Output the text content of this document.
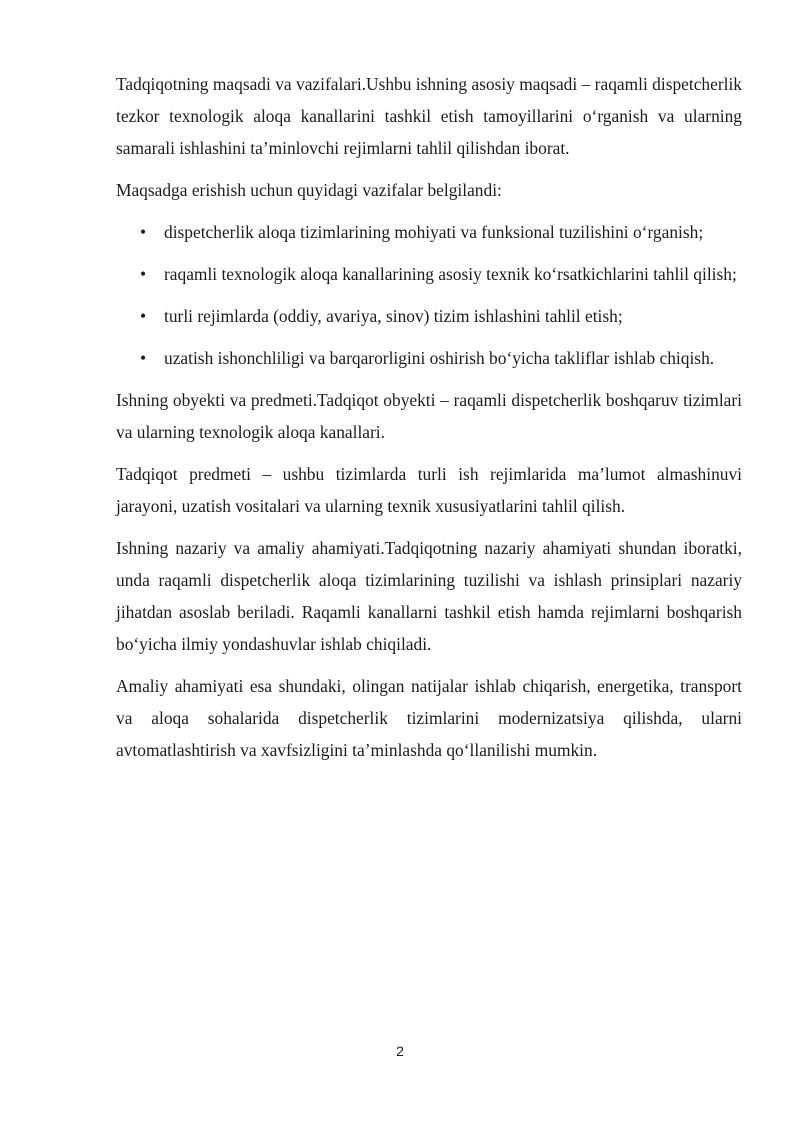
Tadqiqotning maqsadi va vazifalari.Ushbu ishning asosiy maqsadi – raqamli dispetcherlik tezkor texnologik aloqa kanallarini tashkil etish tamoyillarini o‘rganish va ularning samarali ishlashini ta’minlovchi rejimlarni tahlil qilishdan iborat.

Maqsadga erishish uchun quyidagi vazifalar belgilandi:

•	dispetcherlik aloqa tizimlarining mohiyati va funksional tuzilishini o‘rganish;
•	raqamli texnologik aloqa kanallarining asosiy texnik ko‘rsatkichlarini tahlil qilish;
•	turli rejimlarda (oddiy, avariya, sinov) tizim ishlashini tahlil etish;
•	uzatish ishonchliligi va barqarorligini oshirish bo‘yicha takliflar ishlab chiqish.

Ishning obyekti va predmeti.Tadqiqot obyekti – raqamli dispetcherlik boshqaruv tizimlari va ularning texnologik aloqa kanallari.

Tadqiqot predmeti – ushbu tizimlarda turli ish rejimlarida ma’lumot almashinuvi jarayoni, uzatish vositalari va ularning texnik xususiyatlarini tahlil qilish.

Ishning nazariy va amaliy ahamiyati.Tadqiqotning nazariy ahamiyati shundan iboratki, unda raqamli dispetcherlik aloqa tizimlarining tuzilishi va ishlash prinsiplari nazariy jihatdan asoslab beriladi. Raqamli kanallarni tashkil etish hamda rejimlarni boshqarish bo‘yicha ilmiy yondashuvlar ishlab chiqiladi.

Amaliy ahamiyati esa shundaki, olingan natijalar ishlab chiqarish, energetika, transport va aloqa sohalarida dispetcherlik tizimlarini modernizatsiya qilishda, ularni avtomatlashtirish va xavfsizligini ta’minlashda qo‘llanilishi mumkin.

2
